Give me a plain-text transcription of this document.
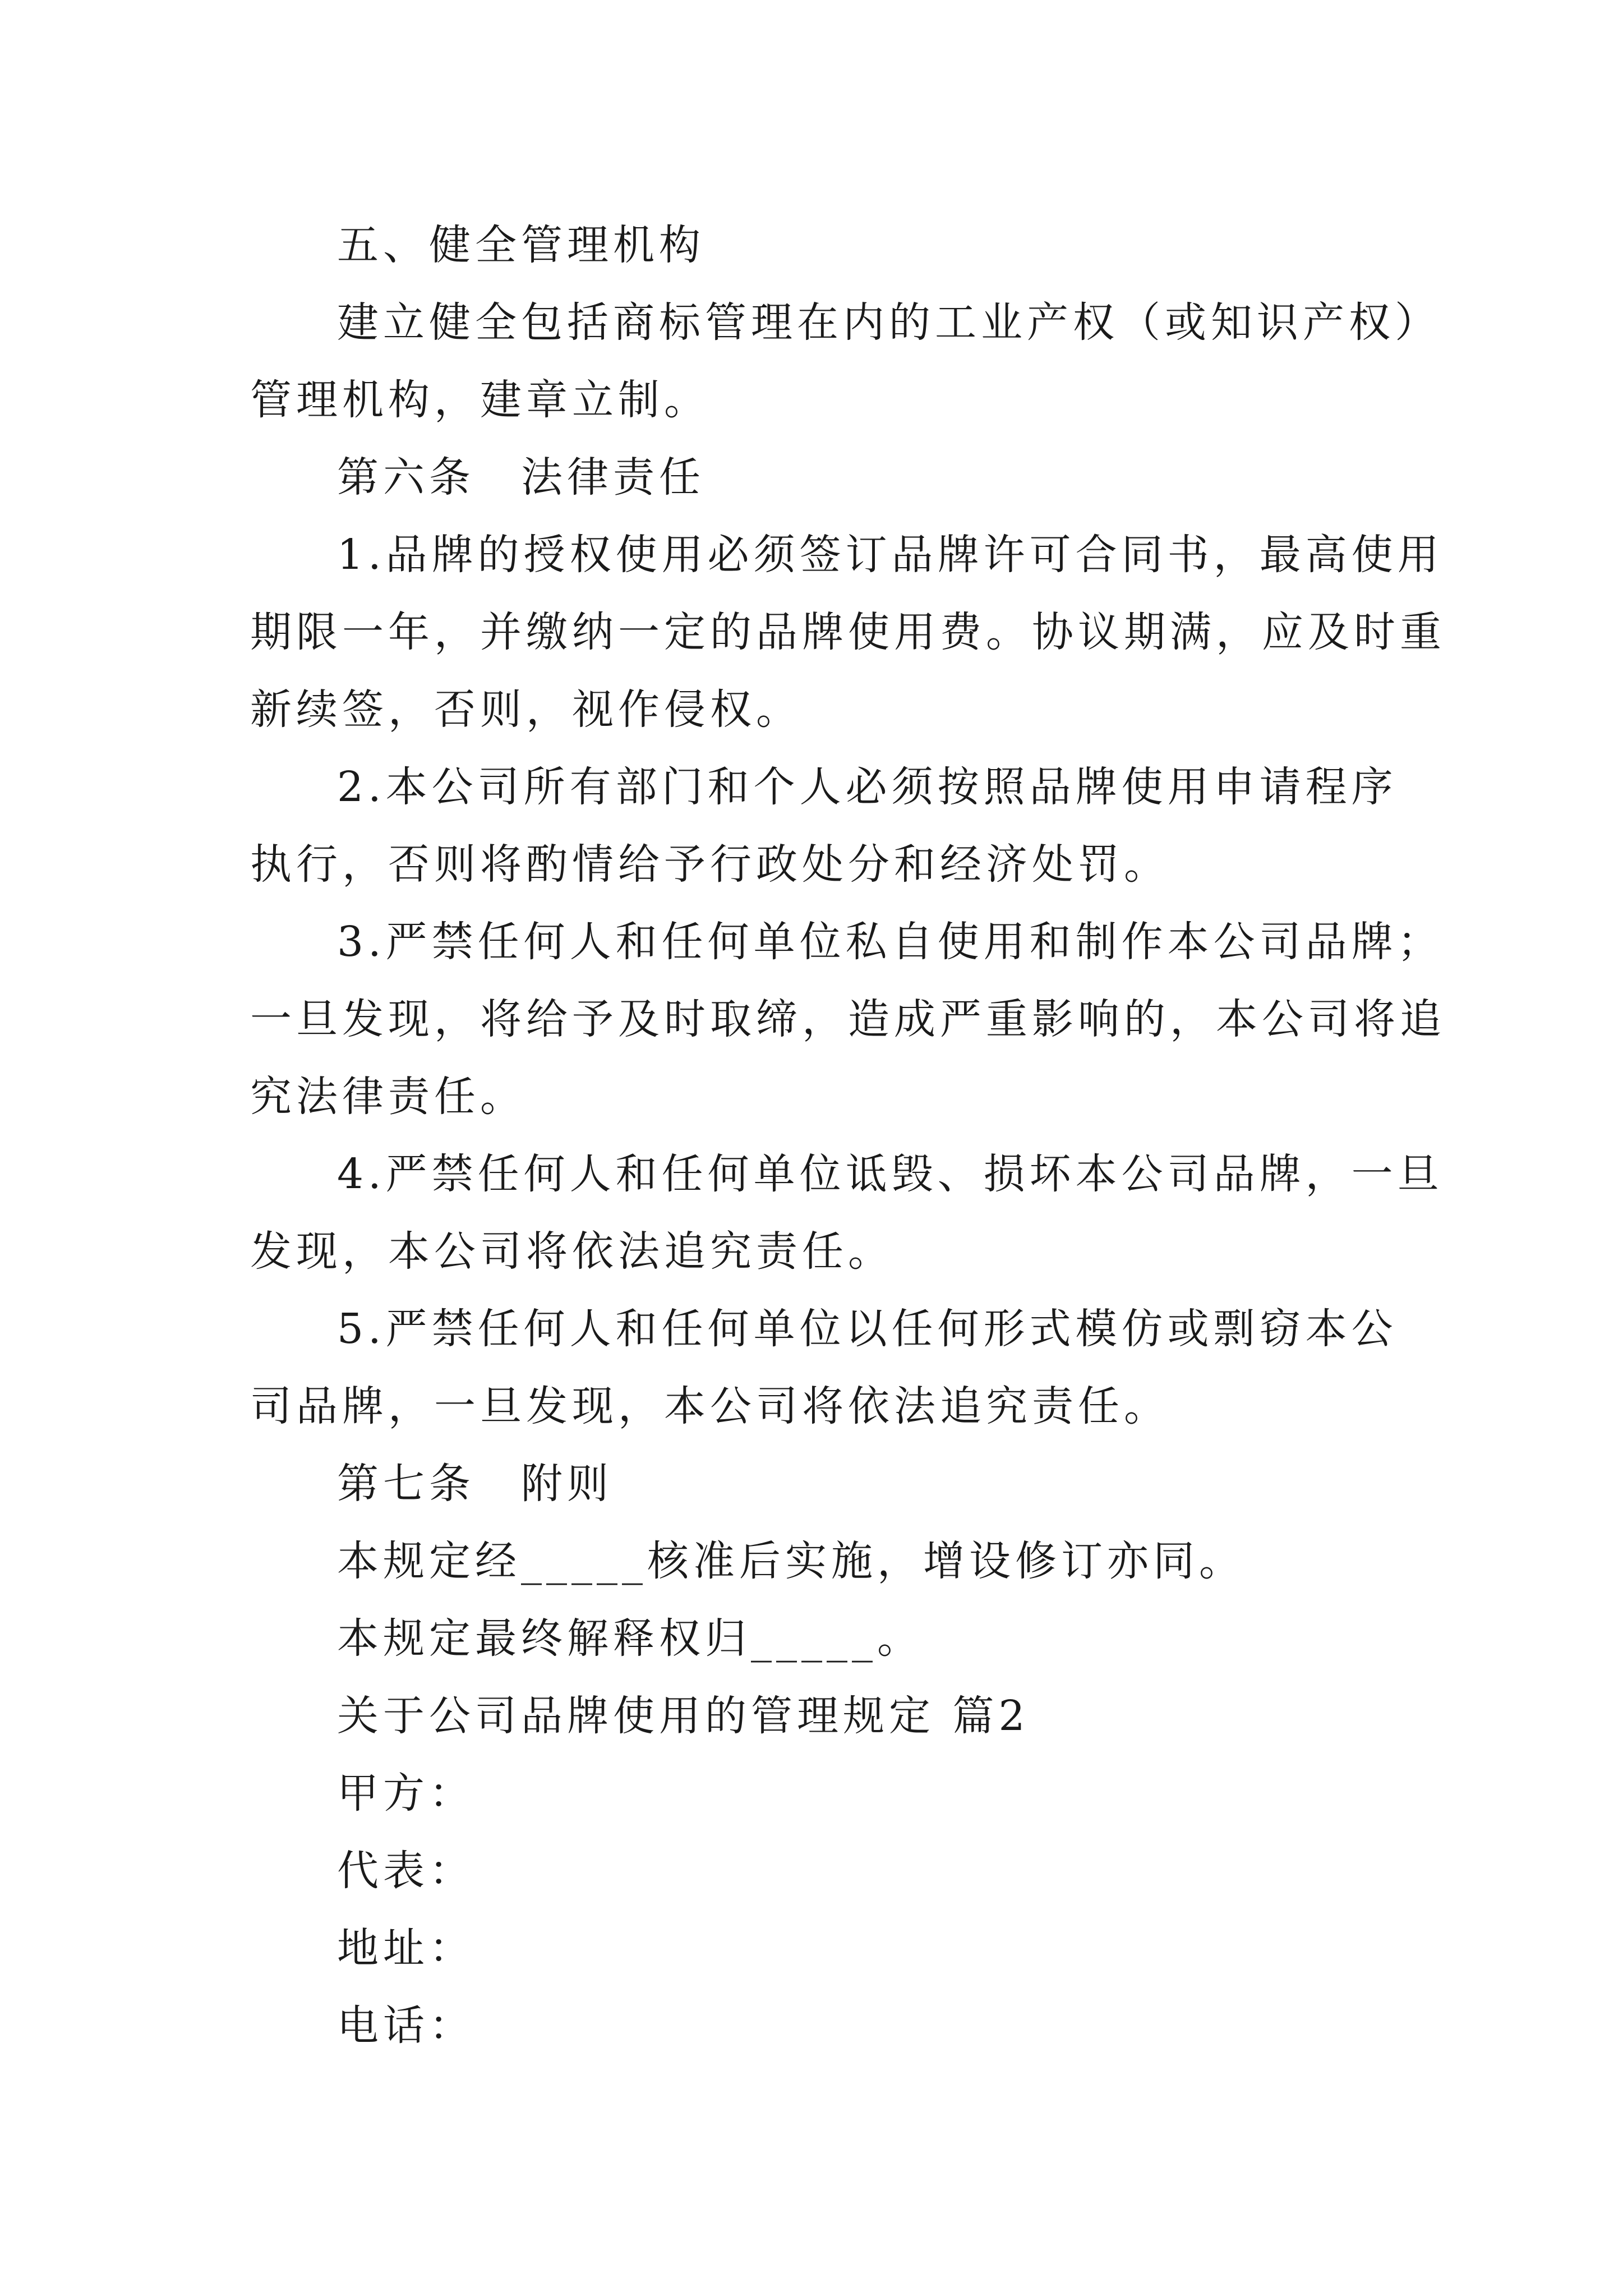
五、健全管理机构
建立健全包括商标管理在内的工业产权（或知识产权）
管理机构，建章立制。
第六条　法律责任
1.品牌的授权使用必须签订品牌许可合同书，最高使用
期限一年，并缴纳一定的品牌使用费。协议期满，应及时重
新续签，否则，视作侵权。
2.本公司所有部门和个人必须按照品牌使用申请程序
执行，否则将酌情给予行政处分和经济处罚。
3.严禁任何人和任何单位私自使用和制作本公司品牌；
一旦发现，将给予及时取缔，造成严重影响的，本公司将追
究法律责任。
4.严禁任何人和任何单位诋毁、损坏本公司品牌，一旦
发现，本公司将依法追究责任。
5.严禁任何人和任何单位以任何形式模仿或剽窃本公
司品牌，一旦发现，本公司将依法追究责任。
第七条　附则
本规定经_____核准后实施，增设修订亦同。
本规定最终解释权归_____。
关于公司品牌使用的管理规定 篇2
甲方：
代表：
地址：
电话：
